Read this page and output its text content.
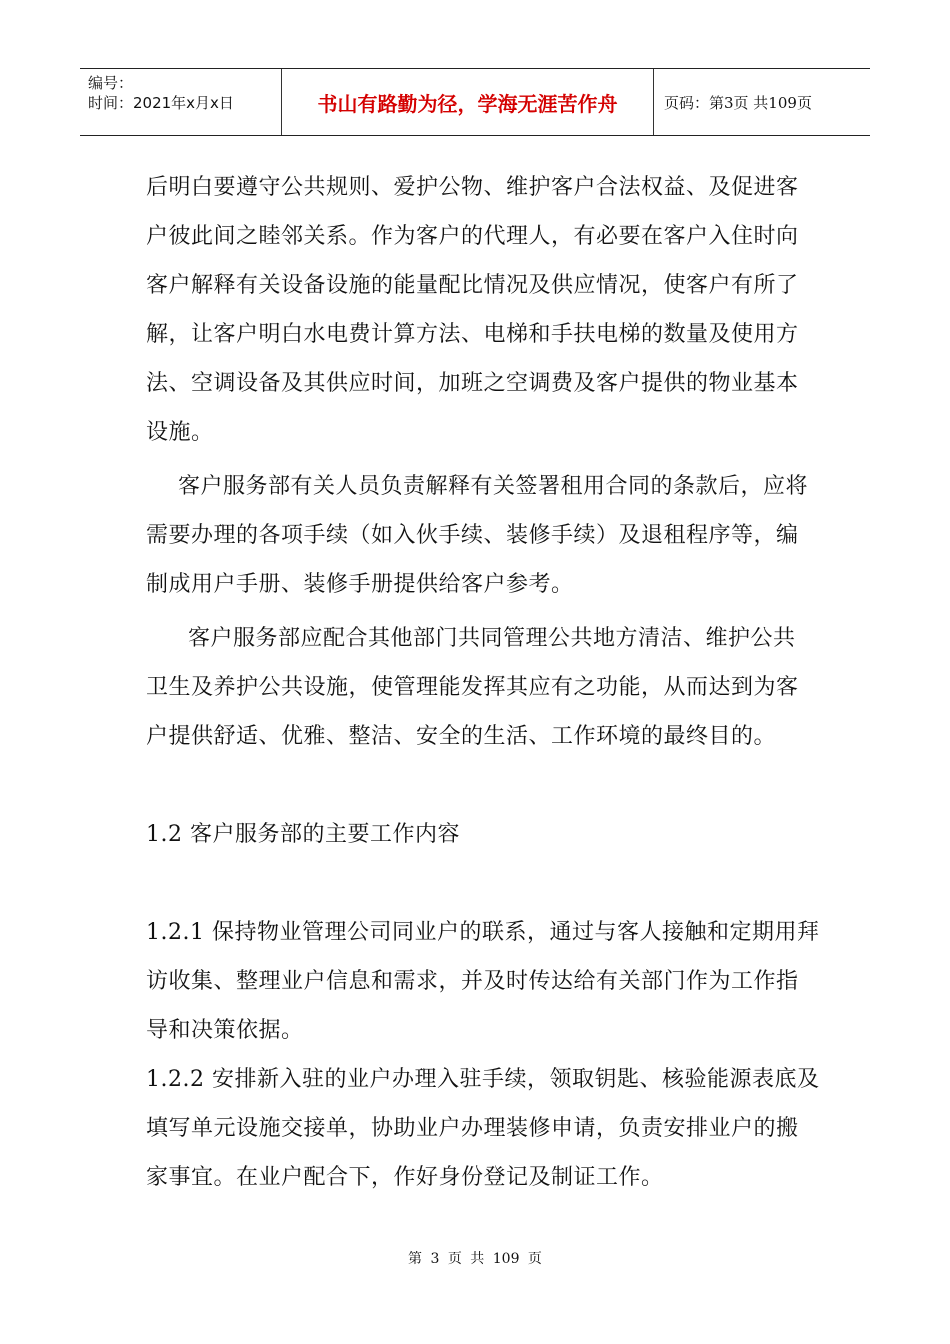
编号：
时间：2021年x月x日	书山有路勤为径，学海无涯苦作舟	页码：第3页 共109页
后明白要遵守公共规则、爱护公物、维护客户合法权益、及促进客
户彼此间之睦邻关系。作为客户的代理人，有必要在客户入住时向
客户解释有关设备设施的能量配比情况及供应情况，使客户有所了
解，让客户明白水电费计算方法、电梯和手扶电梯的数量及使用方
法、空调设备及其供应时间，加班之空调费及客户提供的物业基本
设施。
客户服务部有关人员负责解释有关签署租用合同的条款后，应将
需要办理的各项手续（如入伙手续、装修手续）及退租程序等，编
制成用户手册、装修手册提供给客户参考。
客户服务部应配合其他部门共同管理公共地方清洁、维护公共
卫生及养护公共设施，使管理能发挥其应有之功能，从而达到为客
户提供舒适、优雅、整洁、安全的生活、工作环境的最终目的。
1.2 客户服务部的主要工作内容
1.2.1 保持物业管理公司同业户的联系，通过与客人接触和定期用拜
访收集、整理业户信息和需求，并及时传达给有关部门作为工作指
导和决策依据。
1.2.2 安排新入驻的业户办理入驻手续，领取钥匙、核验能源表底及
填写单元设施交接单，协助业户办理装修申请，负责安排业户的搬
家事宜。在业户配合下，作好身份登记及制证工作。
第 3 页 共 109 页
